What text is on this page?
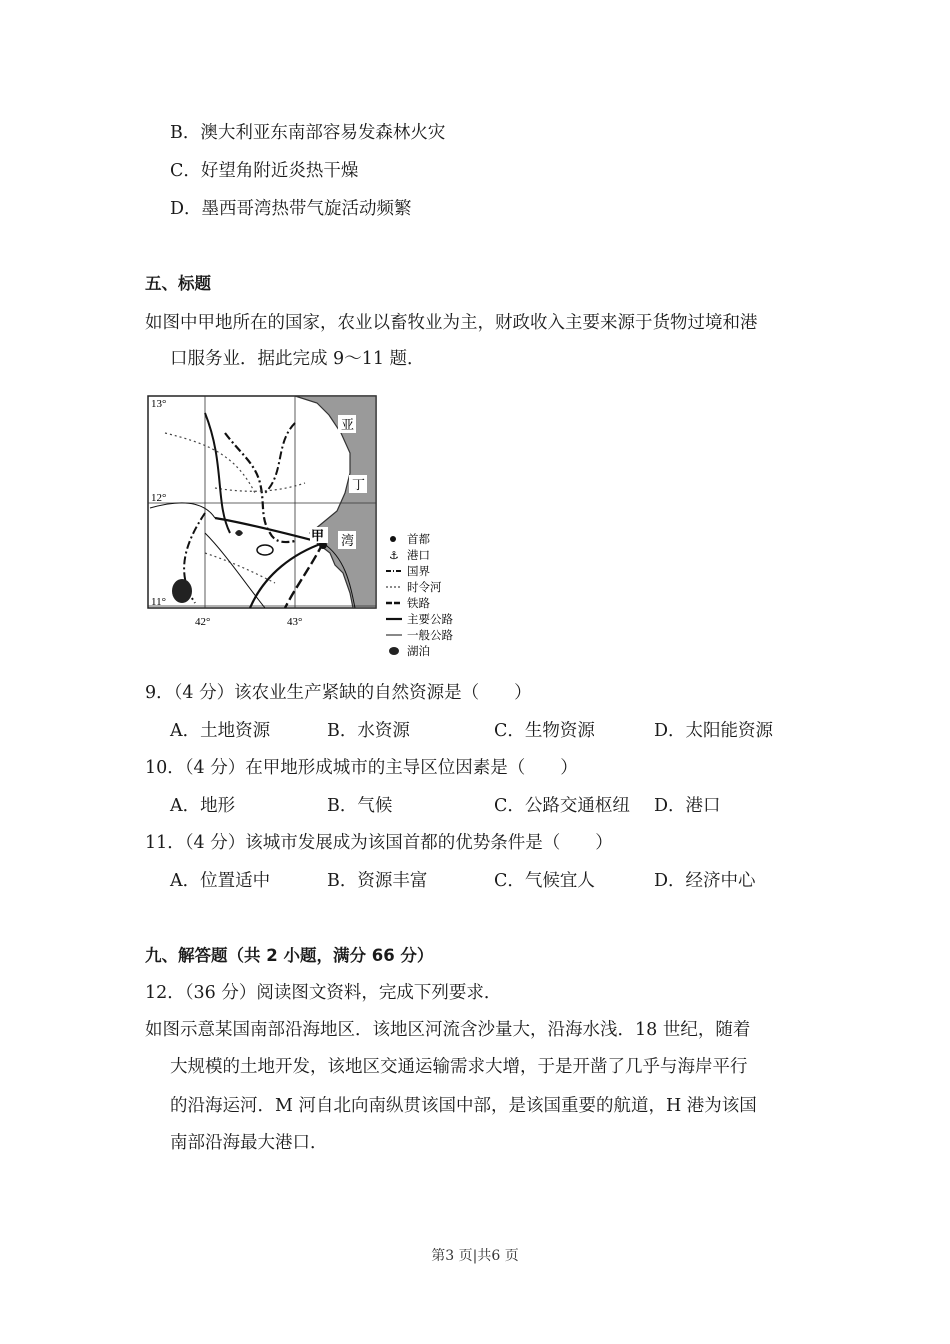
B．澳大利亚东南部容易发森林火灾
C．好望角附近炎热干燥
D．墨西哥湾热带气旋活动频繁
五、标题
如图中甲地所在的国家，农业以畜牧业为主，财政收入主要来源于货物过境和港
口服务业．据此完成 9～11 题．
13°
12°
11°
42°	43°
亚
丁
湾
甲	首都
⚓ 港口
国界
时令河
铁路
主要公路
一般公路
湖泊
9．（4 分）该农业生产紧缺的自然资源是（　　）
A．土地资源	B．水资源	C．生物资源	D．太阳能资源
10．（4 分）在甲地形成城市的主导区位因素是（　　）
A．地形	B．气候	C．公路交通枢纽 D．港口
11．（4 分）该城市发展成为该国首都的优势条件是（　　）
A．位置适中	B．资源丰富	C．气候宜人	D．经济中心
九、解答题（共 2 小题，满分 66 分）
12．（36 分）阅读图文资料，完成下列要求．
如图示意某国南部沿海地区．该地区河流含沙量大，沿海水浅．18 世纪，随着
大规模的土地开发，该地区交通运输需求大增，于是开凿了几乎与海岸平行
的沿海运河．M 河自北向南纵贯该国中部，是该国重要的航道，H 港为该国
南部沿海最大港口．
第3 页|共6 页
